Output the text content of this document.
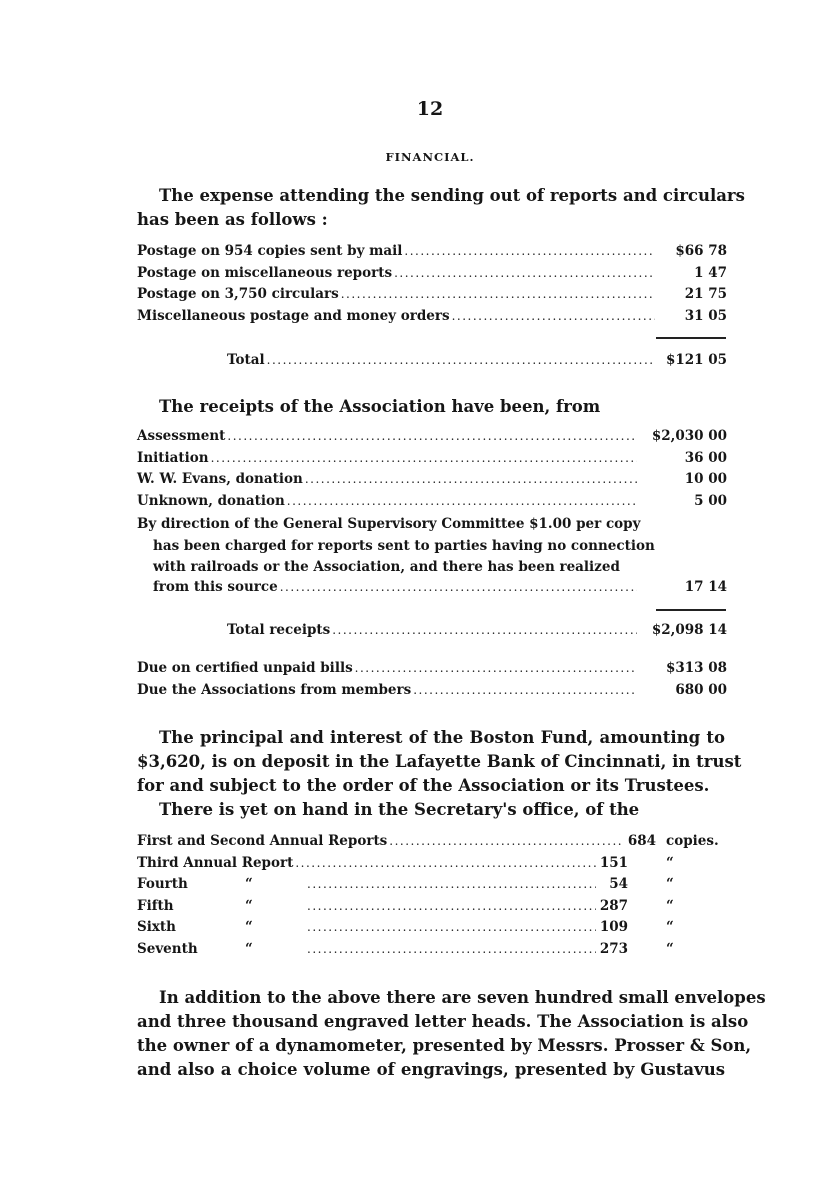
12
FINANCIAL.
The expense attending the sending out of reports and circulars
has been as follows :
Postage on 954 copies sent by mail .....	$66 78
Postage on miscellaneous reports .....	1 47
Postage on 3,750 circulars .....	21 75
Miscellaneous postage and money orders .....	31 05
Total .....	$121 05
The receipts of the Association have been, from
Assessment .....	$2,030 00
Initiation .....	36 00
W. W. Evans, donation .....	10 00
Unknown, donation .....	5 00
By direction of the General Supervisory Committee $1.00 per copy
has been charged for reports sent to parties having no connection
with railroads or the Association, and there has been realized
from this source .....	17 14
Total receipts .....	$2,098 14
Due on certified unpaid bills .....	$313 08
Due the Associations from members .....	680 00
The principal and interest of the Boston Fund, amounting to
$3,620, is on deposit in the Lafayette Bank of Cincinnati, in trust
for and subject to the order of the Association or its Trustees.
There is yet on hand in the Secretary's office, of the
First and Second Annual Reports .....	684 copies.
Third Annual Report .....	151	“
Fourth	“ .....	54	“
Fifth	“ .....	287	“
Sixth	“ .....	109	“
Seventh	“ .....	273	“
In addition to the above there are seven hundred small envelopes
and three thousand engraved letter heads. The Association is also
the owner of a dynamometer, presented by Messrs. Prosser & Son,
and also a choice volume of engravings, presented by Gustavus
